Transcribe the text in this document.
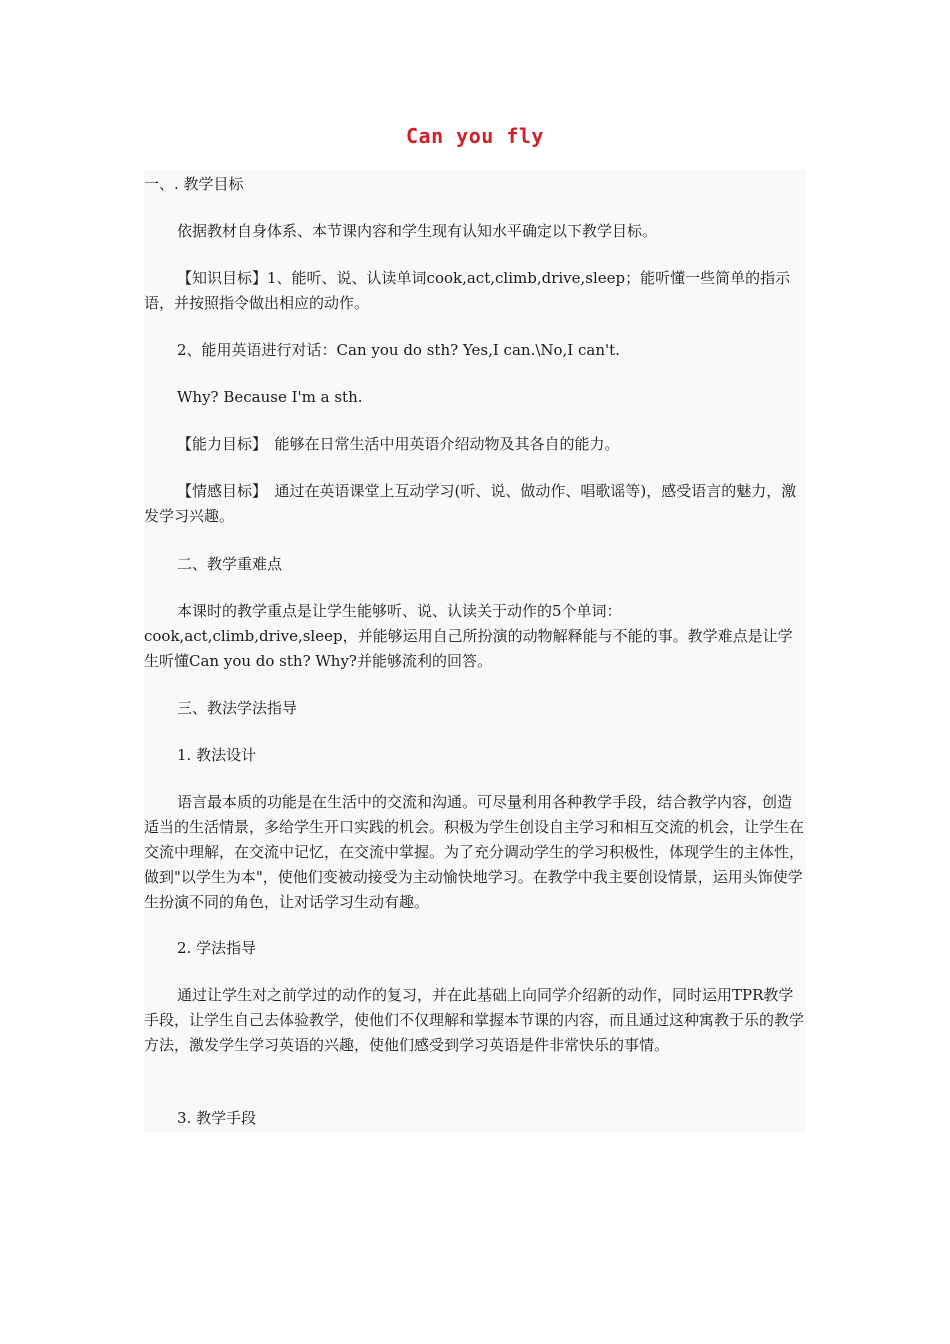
Can you fly

一、. 教学目标

依据教材自身体系、本节课内容和学生现有认知水平确定以下教学目标。

【知识目标】1、能听、说、认读单词cook,act,climb,drive,sleep；能听懂一些简单的指示语，并按照指令做出相应的动作。

2、能用英语进行对话：Can you do sth? Yes,I can.\No,I can't.

Why? Because I'm a sth.

【能力目标】　能够在日常生活中用英语介绍动物及其各自的能力。

【情感目标】　通过在英语课堂上互动学习(听、说、做动作、唱歌谣等)，感受语言的魅力，激发学习兴趣。

二、教学重难点

本课时的教学重点是让学生能够听、说、认读关于动作的5个单词：cook,act,climb,drive,sleep，并能够运用自己所扮演的动物解释能与不能的事。教学难点是让学生听懂Can you do sth? Why?并能够流利的回答。

三、教法学法指导

1. 教法设计

语言最本质的功能是在生活中的交流和沟通。可尽量利用各种教学手段，结合教学内容，创造适当的生活情景，多给学生开口实践的机会。积极为学生创设自主学习和相互交流的机会，让学生在交流中理解，在交流中记忆，在交流中掌握。为了充分调动学生的学习积极性，体现学生的主体性，做到"以学生为本"，使他们变被动接受为主动愉快地学习。在教学中我主要创设情景，运用头饰使学生扮演不同的角色，让对话学习生动有趣。

2. 学法指导

通过让学生对之前学过的动作的复习，并在此基础上向同学介绍新的动作，同时运用TPR教学手段，让学生自己去体验教学，使他们不仅理解和掌握本节课的内容，而且通过这种寓教于乐的教学方法，激发学生学习英语的兴趣，使他们感受到学习英语是件非常快乐的事情。

3. 教学手段
